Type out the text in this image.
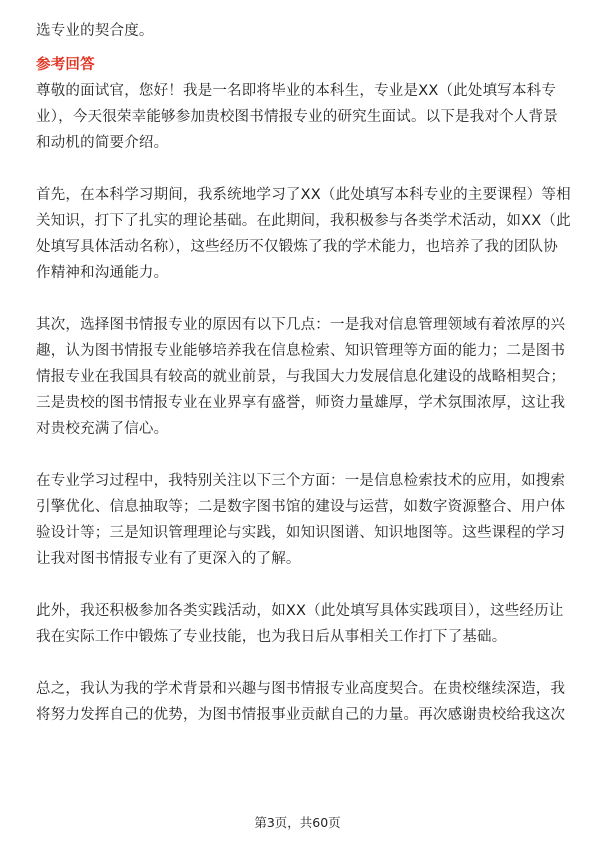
选专业的契合度。
参考回答
尊敬的面试官，您好！我是一名即将毕业的本科生，专业是XX（此处填写本科专
业），今天很荣幸能够参加贵校图书情报专业的研究生面试。以下是我对个人背景
和动机的简要介绍。
首先，在本科学习期间，我系统地学习了XX（此处填写本科专业的主要课程）等相
关知识，打下了扎实的理论基础。在此期间，我积极参与各类学术活动，如XX（此
处填写具体活动名称），这些经历不仅锻炼了我的学术能力，也培养了我的团队协
作精神和沟通能力。
其次，选择图书情报专业的原因有以下几点：一是我对信息管理领域有着浓厚的兴
趣，认为图书情报专业能够培养我在信息检索、知识管理等方面的能力；二是图书
情报专业在我国具有较高的就业前景，与我国大力发展信息化建设的战略相契合；
三是贵校的图书情报专业在业界享有盛誉，师资力量雄厚，学术氛围浓厚，这让我
对贵校充满了信心。
在专业学习过程中，我特别关注以下三个方面：一是信息检索技术的应用，如搜索
引擎优化、信息抽取等；二是数字图书馆的建设与运营，如数字资源整合、用户体
验设计等；三是知识管理理论与实践，如知识图谱、知识地图等。这些课程的学习
让我对图书情报专业有了更深入的了解。
此外，我还积极参加各类实践活动，如XX（此处填写具体实践项目），这些经历让
我在实际工作中锻炼了专业技能，也为我日后从事相关工作打下了基础。
总之，我认为我的学术背景和兴趣与图书情报专业高度契合。在贵校继续深造，我
将努力发挥自己的优势，为图书情报事业贡献自己的力量。再次感谢贵校给我这次
第3页，共60页
